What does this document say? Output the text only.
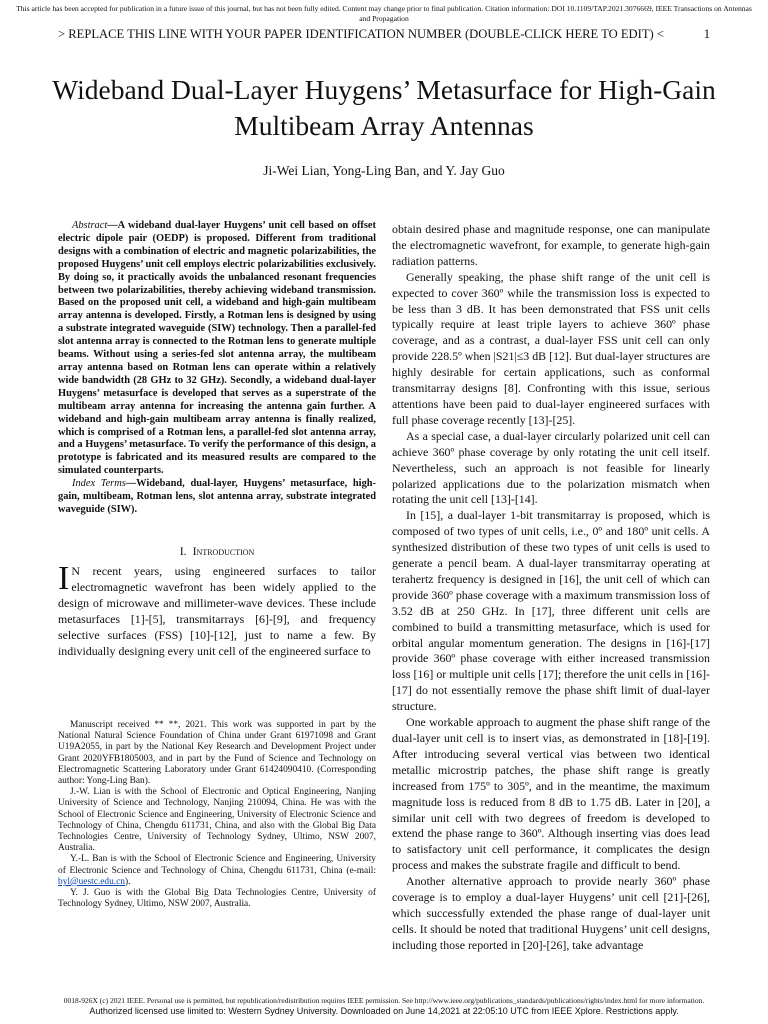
This article has been accepted for publication in a future issue of this journal, but has not been fully edited. Content may change prior to final publication. Citation information: DOI 10.1109/TAP.2021.3076669, IEEE Transactions on Antennas and Propagation
> REPLACE THIS LINE WITH YOUR PAPER IDENTIFICATION NUMBER (DOUBLE-CLICK HERE TO EDIT) <	1
Wideband Dual-Layer Huygens’ Metasurface for High-Gain Multibeam Array Antennas
Ji-Wei Lian, Yong-Ling Ban, and Y. Jay Guo

Abstract—A wideband dual-layer Huygens’ unit cell based on offset electric dipole pair (OEDP) is proposed. Different from traditional designs with a combination of electric and magnetic polarizabilities, the proposed Huygens’ unit cell employs electric polarizabilities exclusively. By doing so, it practically avoids the unbalanced resonant frequencies between two polarizabilities, thereby achieving wideband transmission. Based on the proposed unit cell, a wideband and high-gain multibeam array antenna is developed. Firstly, a Rotman lens is designed by using a substrate integrated waveguide (SIW) technology. Then a parallel-fed slot antenna array is connected to the Rotman lens to generate multiple beams. Without using a series-fed slot antenna array, the multibeam array antenna based on Rotman lens can operate within a relatively wide bandwidth (28 GHz to 32 GHz). Secondly, a wideband dual-layer Huygens’ metasurface is developed that serves as a superstrate of the multibeam array antenna for increasing the antenna gain further. A wideband and high-gain multibeam array antenna is finally realized, which is comprised of a Rotman lens, a parallel-fed slot antenna array, and a Huygens’ metasurface. To verify the performance of this design, a prototype is fabricated and its measured results are compared to the simulated counterparts.

Index Terms—Wideband, dual-layer, Huygens’ metasurface, high-gain, multibeam, Rotman lens, slot antenna array, substrate integrated waveguide (SIW).

I. Introduction

I N recent years, using engineered surfaces to tailor electromagnetic wavefront has been widely applied to the design of microwave and millimeter-wave devices. These include metasurfaces [1]-[5], transmitarrays [6]-[9], and frequency selective surfaces (FSS) [10]-[12], just to name a few. By individually designing every unit cell of the engineered surface to

Manuscript received ** **, 2021. This work was supported in part by the National Natural Science Foundation of China under Grant 61971098 and Grant U19A2055, in part by the National Key Research and Development Project under Grant 2020YFB1805003, and in part by the Fund of Science and Technology on Electromagnetic Scattering Laboratory under Grant 61424090410. (Corresponding author: Yong-Ling Ban).

J.-W. Lian is with the School of Electronic and Optical Engineering, Nanjing University of Science and Technology, Nanjing 210094, China. He was with the School of Electronic Science and Engineering, University of Electronic Science and Technology of China, Chengdu 611731, China, and also with the Global Big Data Technologies Centre, University of Technology Sydney, Ultimo, NSW 2007, Australia.

Y.-L. Ban is with the School of Electronic Science and Engineering, University of Electronic Science and Technology of China, Chengdu 611731, China (e-mail: byl@uestc.edu.cn).

Y. J. Guo is with the Global Big Data Technologies Centre, University of Technology Sydney, Ultimo, NSW 2007, Australia.

obtain desired phase and magnitude response, one can manipulate the electromagnetic wavefront, for example, to generate high-gain radiation patterns.

Generally speaking, the phase shift range of the unit cell is expected to cover 360º while the transmission loss is expected to be less than 3 dB. It has been demonstrated that FSS unit cells typically require at least triple layers to achieve 360º phase coverage, and as a contrast, a dual-layer FSS unit cell can only provide 228.5º when |S21|≤3 dB [12]. But dual-layer structures are highly desirable for certain applications, such as conformal transmitarray designs [8]. Confronting with this issue, serious attentions have been paid to dual-layer engineered surfaces with full phase coverage recently [13]-[25].

As a special case, a dual-layer circularly polarized unit cell can achieve 360º phase coverage by only rotating the unit cell itself. Nevertheless, such an approach is not feasible for linearly polarized applications due to the polarization mismatch when rotating the unit cell [13]-[14].

In [15], a dual-layer 1-bit transmitarray is proposed, which is composed of two types of unit cells, i.e., 0º and 180º unit cells. A synthesized distribution of these two types of unit cells is used to generate a pencil beam. A dual-layer transmitarray operating at terahertz frequency is designed in [16], the unit cell of which can provide 360º phase coverage with a maximum transmission loss of 3.52 dB at 250 GHz. In [17], three different unit cells are combined to build a transmitting metasurface, which is used for orbital angular momentum generation. The designs in [16]-[17] provide 360º phase coverage with either increased transmission loss [16] or multiple unit cells [17]; therefore the unit cells in [16]-[17] do not essentially remove the phase shift limit of dual-layer structure.

One workable approach to augment the phase shift range of the dual-layer unit cell is to insert vias, as demonstrated in [18]-[19]. After introducing several vertical vias between two identical metallic microstrip patches, the phase shift range is greatly increased from 175º to 305º, and in the meantime, the maximum magnitude loss is reduced from 8 dB to 1.75 dB. Later in [20], a similar unit cell with two degrees of freedom is developed to extend the phase range to 360º. Although inserting vias does lead to satisfactory unit cell performance, it complicates the design process and makes the substrate fragile and difficult to bend.

Another alternative approach to provide nearly 360º phase coverage is to employ a dual-layer Huygens’ unit cell [21]-[26], which successfully extended the phase range of dual-layer unit cells. It should be noted that traditional Huygens’ unit cell designs, including those reported in [20]-[26], take advantage

0018-926X (c) 2021 IEEE. Personal use is permitted, but republication/redistribution requires IEEE permission. See http://www.ieee.org/publications_standards/publications/rights/index.html for more information.
Authorized licensed use limited to: Western Sydney University. Downloaded on June 14,2021 at 22:05:10 UTC from IEEE Xplore. Restrictions apply.
